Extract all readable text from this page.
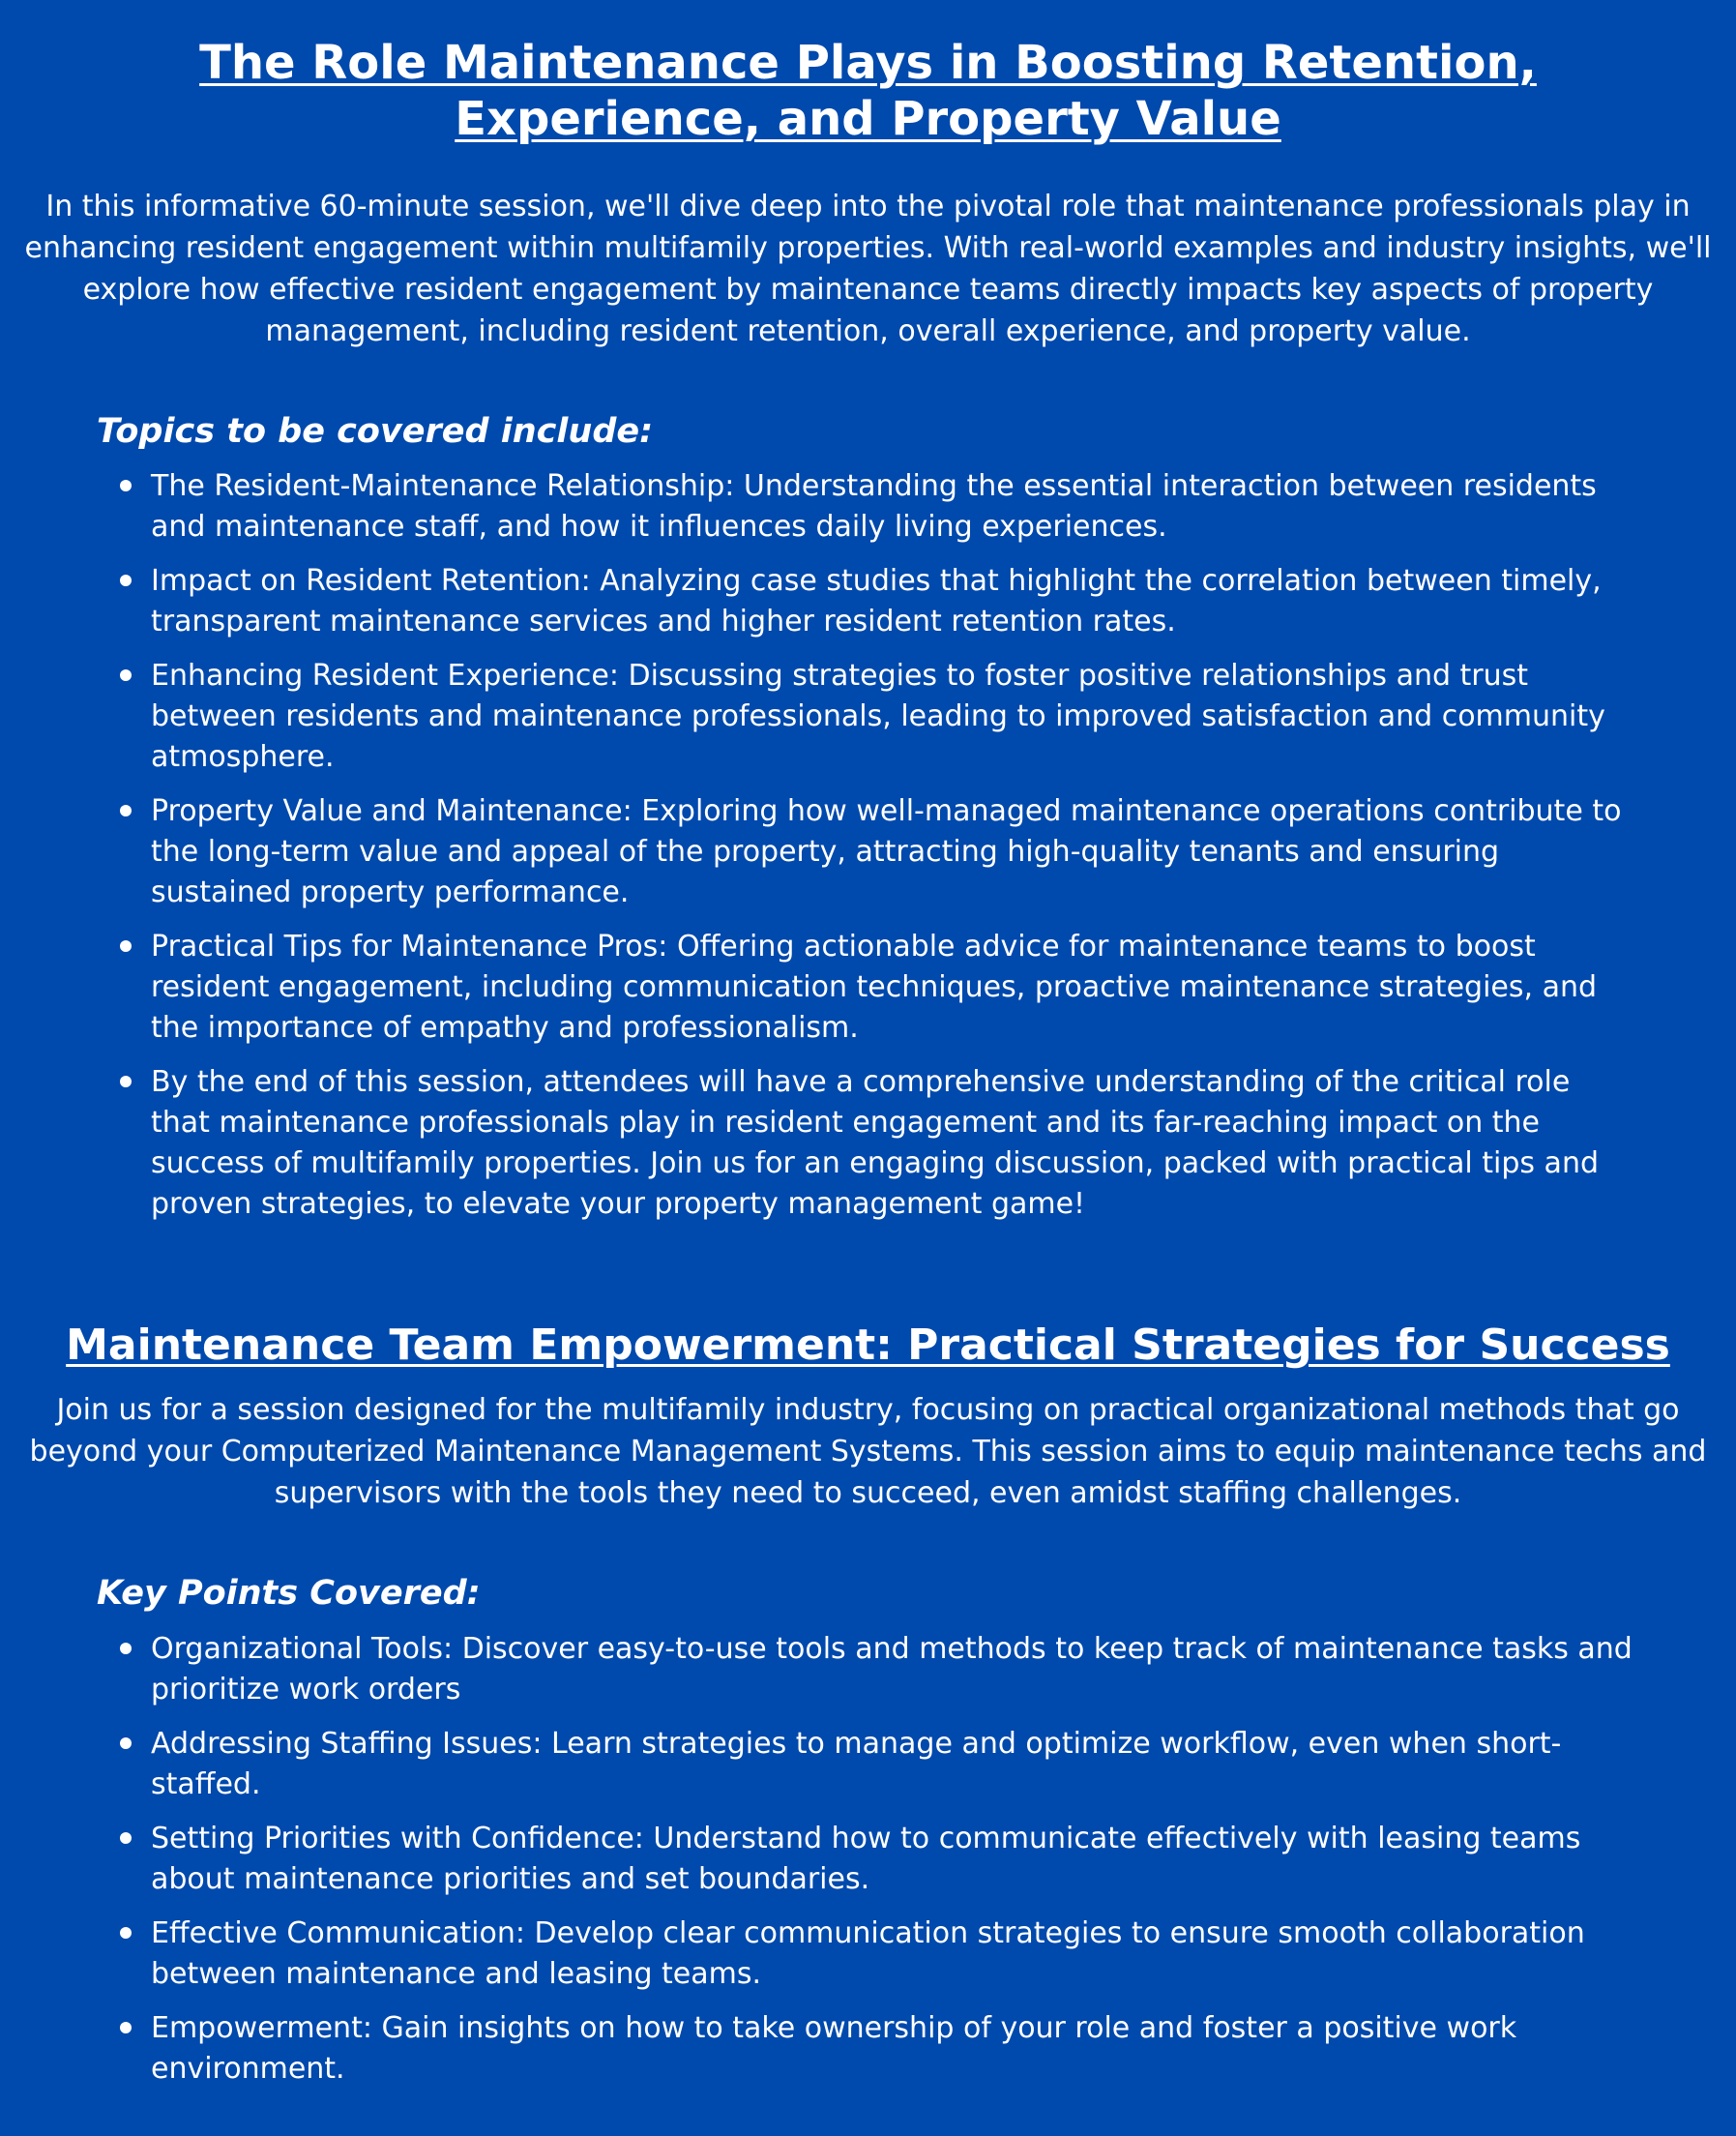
The Role Maintenance Plays in Boosting Retention, Experience, and Property Value

In this informative 60-minute session, we'll dive deep into the pivotal role that maintenance professionals play in enhancing resident engagement within multifamily properties. With real-world examples and industry insights, we'll explore how effective resident engagement by maintenance teams directly impacts key aspects of property management, including resident retention, overall experience, and property value.

Topics to be covered include:
The Resident-Maintenance Relationship: Understanding the essential interaction between residents and maintenance staff, and how it influences daily living experiences.
Impact on Resident Retention: Analyzing case studies that highlight the correlation between timely, transparent maintenance services and higher resident retention rates.
Enhancing Resident Experience: Discussing strategies to foster positive relationships and trust between residents and maintenance professionals, leading to improved satisfaction and community atmosphere.
Property Value and Maintenance: Exploring how well-managed maintenance operations contribute to the long-term value and appeal of the property, attracting high-quality tenants and ensuring sustained property performance.
Practical Tips for Maintenance Pros: Offering actionable advice for maintenance teams to boost resident engagement, including communication techniques, proactive maintenance strategies, and the importance of empathy and professionalism.
By the end of this session, attendees will have a comprehensive understanding of the critical role that maintenance professionals play in resident engagement and its far-reaching impact on the success of multifamily properties. Join us for an engaging discussion, packed with practical tips and proven strategies, to elevate your property management game!
Maintenance Team Empowerment: Practical Strategies for Success

Join us for a session designed for the multifamily industry, focusing on practical organizational methods that go beyond your Computerized Maintenance Management Systems. This session aims to equip maintenance techs and supervisors with the tools they need to succeed, even amidst staffing challenges.

Key Points Covered:
Organizational Tools: Discover easy-to-use tools and methods to keep track of maintenance tasks and prioritize work orders
Addressing Staffing Issues: Learn strategies to manage and optimize workflow, even when short-staffed.
Setting Priorities with Confidence: Understand how to communicate effectively with leasing teams about maintenance priorities and set boundaries.
Effective Communication: Develop clear communication strategies to ensure smooth collaboration between maintenance and leasing teams.
Empowerment: Gain insights on how to take ownership of your role and foster a positive work environment.
